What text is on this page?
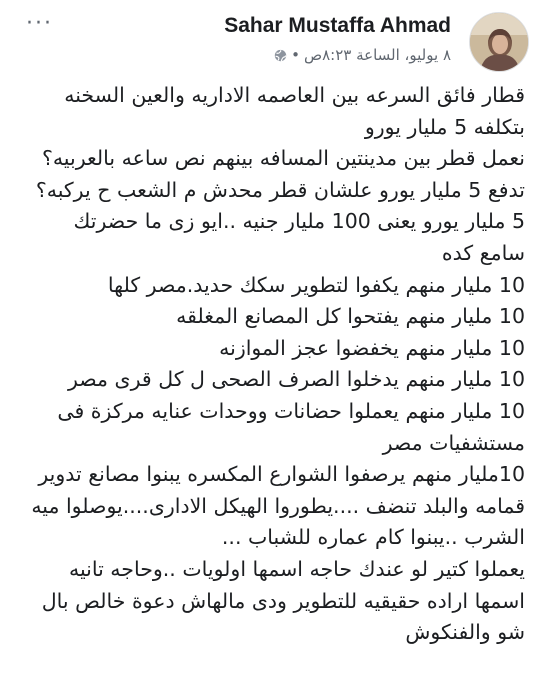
···	Sahar Mustaffa Ahmad
٨ يوليو، الساعة ٨:٢٣ص
•
قطار فائق السرعه بين العاصمه الاداريه والعين السخنه
بتكلفه 5 مليار يورو
نعمل قطر بين مدينتين المسافه بينهم نص ساعه بالعربيه؟
تدفع 5 مليار يورو علشان قطر محدش م الشعب ح يركبه؟
5 مليار يورو يعنى 100 مليار جنيه ..ايو زى ما حضرتك
سامع كده
10 مليار منهم يكفوا لتطوير سكك حديد.مصر كلها
10 مليار منهم يفتحوا كل المصانع المغلقه
10 مليار منهم يخفضوا عجز الموازنه
10 مليار منهم يدخلوا الصرف الصحى ل كل قرى مصر
10 مليار منهم يعملوا حضانات ووحدات عنايه مركزة فى
مستشفيات مصر
10مليار منهم يرصفوا الشوارع المكسره يبنوا مصانع تدوير
قمامه والبلد تنضف ....يطوروا الهيكل الادارى....يوصلوا ميه
الشرب ..يبنوا كام عماره للشباب ...
يعملوا كتير لو عندك حاجه اسمها اولويات ..وحاجه تانيه
اسمها اراده حقيقيه للتطوير ودى مالهاش دعوة خالص بال
شو والفنكوش
